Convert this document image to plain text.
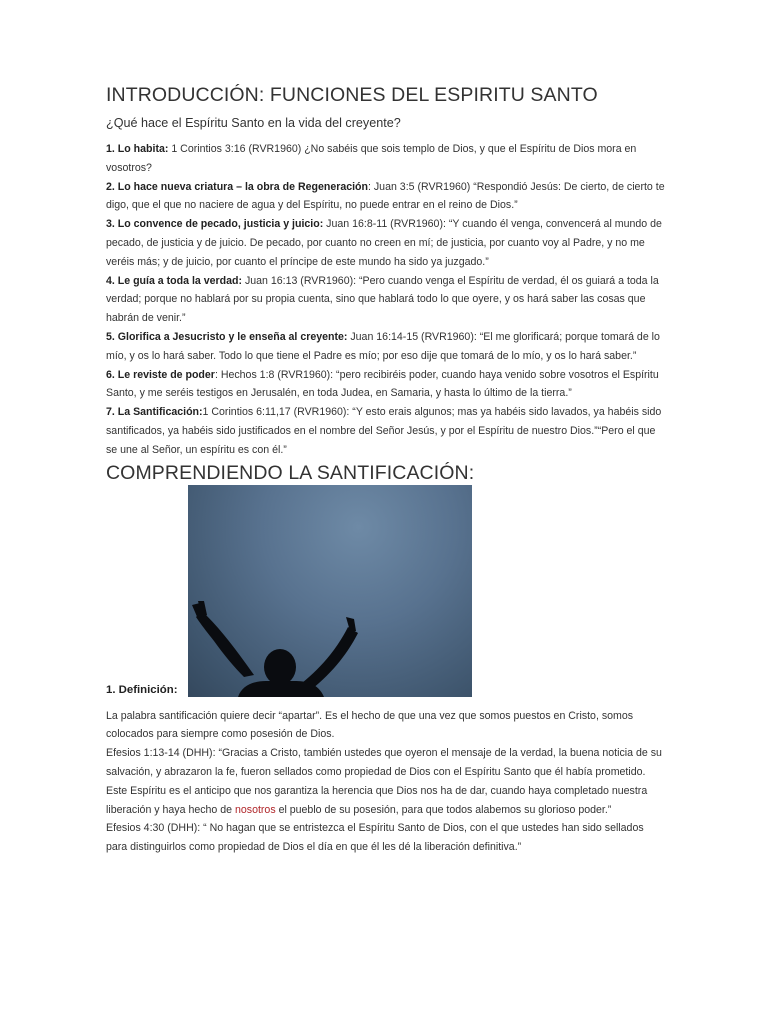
INTRODUCCIÓN: FUNCIONES DEL ESPIRITU SANTO
¿Qué hace el Espíritu Santo en la vida del creyente?

1. Lo habita: 1 Corintios 3:16 (RVR1960) ¿No sabéis que sois templo de Dios, y que el Espíritu de Dios mora en vosotros?

2. Lo hace nueva criatura – la obra de Regeneración: Juan 3:5 (RVR1960) “Respondió Jesús: De cierto, de cierto te digo, que el que no naciere de agua y del Espíritu, no puede entrar en el reino de Dios.”

3. Lo convence de pecado, justicia y juicio: Juan 16:8-11 (RVR1960): “Y cuando él venga, convencerá al mundo de pecado, de justicia y de juicio. De pecado, por cuanto no creen en mí; de justicia, por cuanto voy al Padre, y no me veréis más; y de juicio, por cuanto el príncipe de este mundo ha sido ya juzgado.”

4. Le guía a toda la verdad: Juan 16:13 (RVR1960): “Pero cuando venga el Espíritu de verdad, él os guiará a toda la verdad; porque no hablará por su propia cuenta, sino que hablará todo lo que oyere, y os hará saber las cosas que habrán de venir.”

5. Glorifica a Jesucristo y le enseña al creyente: Juan 16:14-15 (RVR1960): “El me glorificará; porque tomará de lo mío, y os lo hará saber. Todo lo que tiene el Padre es mío; por eso dije que tomará de lo mío, y os lo hará saber.”

6. Le reviste de poder: Hechos 1:8 (RVR1960): “pero recibiréis poder, cuando haya venido sobre vosotros el Espíritu Santo, y me seréis testigos en Jerusalén, en toda Judea, en Samaria, y hasta lo último de la tierra.”

7. La Santificación:1 Corintios 6:11,17 (RVR1960): “Y esto erais algunos; mas ya habéis sido lavados, ya habéis sido santificados, ya habéis sido justificados en el nombre del Señor Jesús, y por el Espíritu de nuestro Dios.”“Pero el que se une al Señor, un espíritu es con él.”

COMPRENDIENDO LA SANTIFICACIÓN:
1. Definición:

La palabra santificación quiere decir “apartar”. Es el hecho de que una vez que somos puestos en Cristo, somos colocados para siempre como posesión de Dios.

Efesios 1:13-14 (DHH): “Gracias a Cristo, también ustedes que oyeron el mensaje de la verdad, la buena noticia de su salvación, y abrazaron la fe, fueron sellados como propiedad de Dios con el Espíritu Santo que él había prometido. Este Espíritu es el anticipo que nos garantiza la herencia que Dios nos ha de dar, cuando haya completado nuestra liberación y haya hecho de nosotros el pueblo de su posesión, para que todos alabemos su glorioso poder.”

Efesios 4:30 (DHH): “ No hagan que se entristezca el Espíritu Santo de Dios, con el que ustedes han sido sellados para distinguirlos como propiedad de Dios el día en que él les dé la liberación definitiva.”
